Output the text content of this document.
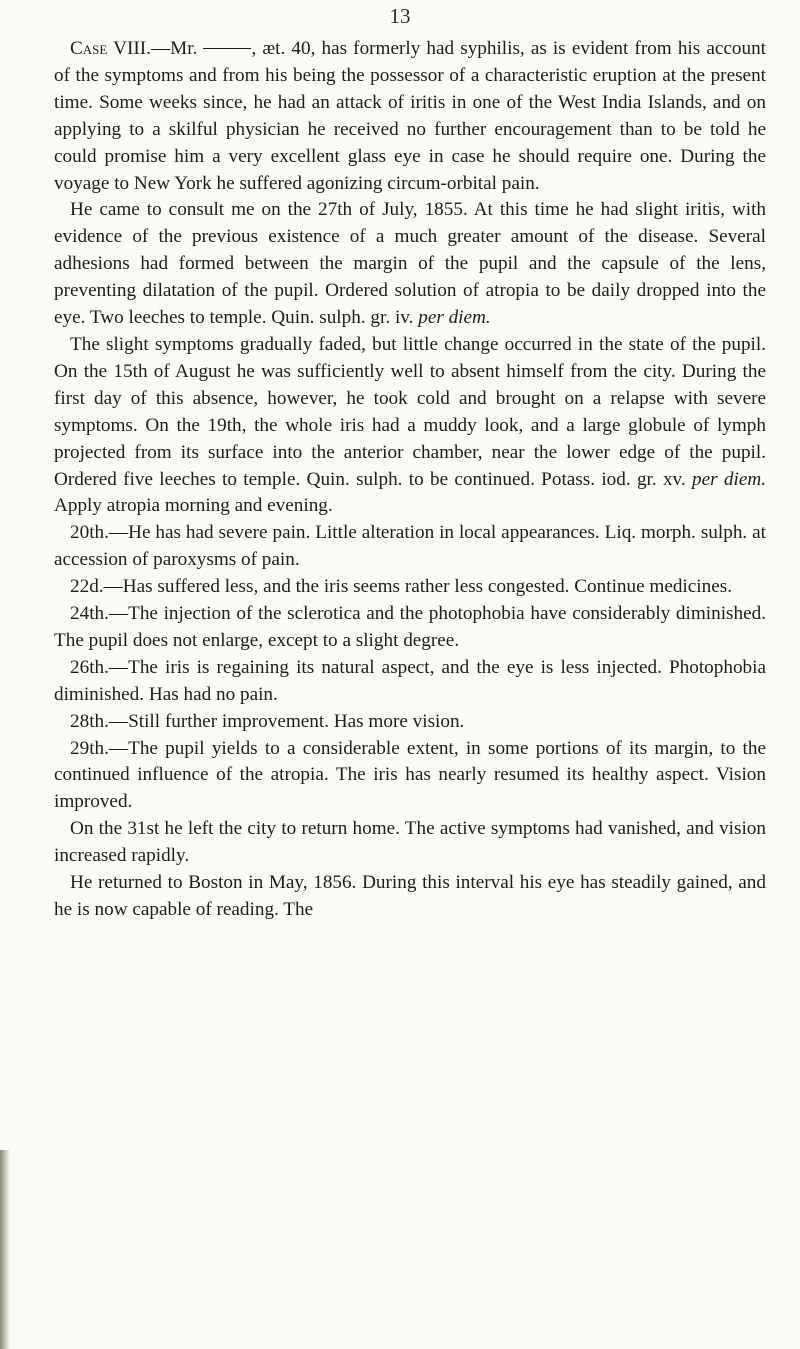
13

Case VIII.—Mr.	, æt. 40, has formerly had syphilis, as is evident from his account of the symptoms and from his being the possessor of a characteristic eruption at the present time. Some weeks since, he had an attack of iritis in one of the West India Islands, and on applying to a skilful physician he received no further encouragement than to be told he could promise him a very excellent glass eye in case he should require one. During the voyage to New York he suffered agonizing circum-orbital pain.

He came to consult me on the 27th of July, 1855. At this time he had slight iritis, with evidence of the previous existence of a much greater amount of the disease. Several adhesions had formed between the margin of the pupil and the capsule of the lens, preventing dilatation of the pupil. Ordered solution of atropia to be daily dropped into the eye. Two leeches to temple. Quin. sulph. gr. iv. per diem.

The slight symptoms gradually faded, but little change occurred in the state of the pupil. On the 15th of August he was sufficiently well to absent himself from the city. During the first day of this absence, however, he took cold and brought on a relapse with severe symptoms. On the 19th, the whole iris had a muddy look, and a large globule of lymph projected from its surface into the anterior chamber, near the lower edge of the pupil. Ordered five leeches to temple. Quin. sulph. to be continued. Potass. iod. gr. xv. per diem. Apply atropia morning and evening.

20th.—He has had severe pain. Little alteration in local appearances. Liq. morph. sulph. at accession of paroxysms of pain.

22d.—Has suffered less, and the iris seems rather less congested. Continue medicines.

24th.—The injection of the sclerotica and the photophobia have considerably diminished. The pupil does not enlarge, except to a slight degree.

26th.—The iris is regaining its natural aspect, and the eye is less injected. Photophobia diminished. Has had no pain.

28th.—Still further improvement. Has more vision.

29th.—The pupil yields to a considerable extent, in some portions of its margin, to the continued influence of the atropia. The iris has nearly resumed its healthy aspect. Vision improved.

On the 31st he left the city to return home. The active symptoms had vanished, and vision increased rapidly.

He returned to Boston in May, 1856. During this interval his eye has steadily gained, and he is now capable of reading. The
